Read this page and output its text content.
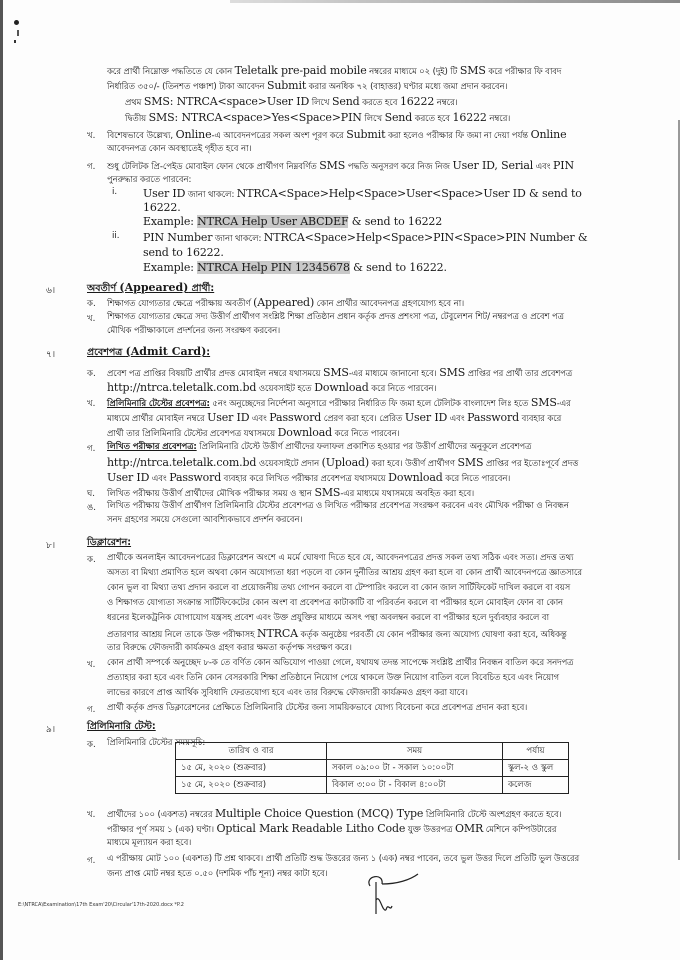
করে প্রার্থী নিম্নোক্ত পদ্ধতিতে যে কোন Teletalk pre-paid mobile নম্বরের মাধ্যমে ০২ (দুই) টি SMS করে পরীক্ষার ফি বাবদ
নির্ধারিত ৩৫০/- (তিনশত পঞ্চাশ) টাকা আবেদন Submit করার অনধিক ৭২ (বাহাত্তর) ঘণ্টার মধ্যে জমা প্রদান করবেন।
প্রথম SMS: NTRCA<space>User ID লিখে Send করতে হবে 16222 নম্বরে।
দ্বিতীয় SMS: NTRCA<space>Yes<Space>PIN লিখে Send করতে হবে 16222 নম্বরে।
খ. বিশেষভাবে উল্লেখ্য, Online-এ আবেদনপত্রের সকল অংশ পূরণ করে Submit করা হলেও পরীক্ষার ফি জমা না দেয়া পর্যন্ত Online
আবেদনপত্র কোন অবস্থাতেই গৃহীত হবে না।
গ. শুধু টেলিটক প্রি-পেইড মোবাইল ফোন থেকে প্রার্থীগণ নিম্নবর্ণিত SMS পদ্ধতি অনুসরণ করে নিজ নিজ User ID, Serial এবং PIN
পুনরুদ্ধার করতে পারবেন:
i. User ID জানা থাকলে: NTRCA<Space>Help<Space>User<Space>User ID & send to
16222.
Example: NTRCA Help User ABCDEF & send to 16222
ii. PIN Number জানা থাকলে: NTRCA<Space>Help<Space>PIN<Space>PIN Number &
send to 16222.
Example: NTRCA Help PIN 12345678 & send to 16222.
৬।	অবতীর্ণ (Appeared) প্রার্থী:
ক. শিক্ষাগত যোগ্যতার ক্ষেত্রে পরীক্ষায় অবতীর্ণ (Appeared) কোন প্রার্থীর আবেদনপত্র গ্রহণযোগ্য হবে না।
খ. শিক্ষাগত যোগ্যতার ক্ষেত্রে সদ্য উত্তীর্ণ প্রার্থীগণ সংশ্লিষ্ট শিক্ষা প্রতিষ্ঠান প্রধান কর্তৃক প্রদত্ত প্রশংসা পত্র, টেবুলেশন শিট/ নম্বরপত্র ও প্রবেশ পত্র
মৌখিক পরীক্ষাকালে প্রদর্শনের জন্য সংরক্ষণ করবেন।
৭।	প্রবেশপত্র (Admit Card):
ক. প্রবেশ পত্র প্রাপ্তির বিষয়টি প্রার্থীর প্রদত্ত মোবাইল নম্বরে যথাসময়ে SMS-এর মাধ্যমে জানানো হবে। SMS প্রাপ্তির পর প্রার্থী তার প্রবেশপত্র
http://ntrca.teletalk.com.bd ওয়েবসাইট হতে Download করে নিতে পারবেন।
খ. প্রিলিমিনারি টেস্টের প্রবেশপত্র: ৫নং অনুচ্ছেদের নির্দেশনা অনুসারে পরীক্ষার নির্ধারিত ফি জমা হলে টেলিটক বাংলাদেশ লিঃ হতে SMS-এর
মাধ্যমে প্রার্থীর মোবাইল নম্বরে User ID এবং Password প্রেরণ করা হবে। প্রেরিত User ID এবং Password ব্যবহার করে
প্রার্থী তার প্রিলিমিনারি টেস্টের প্রবেশপত্র যথাসময়ে Download করে নিতে পারবেন।
গ. লিখিত পরীক্ষার প্রবেশপত্র: প্রিলিমিনারি টেস্টে উত্তীর্ণ প্রার্থীদের ফলাফল প্রকাশিত হওয়ার পর উত্তীর্ণ প্রার্থীদের অনুকূলে প্রবেশপত্র
http://ntrca.teletalk.com.bd ওয়েবসাইটে প্রদান (Upload) করা হবে। উত্তীর্ণ প্রার্থীগণ SMS প্রাপ্তির পর ইতোঃপূর্বে প্রদত্ত
User ID এবং Password ব্যবহার করে লিখিত পরীক্ষার প্রবেশপত্র যথাসময়ে Download করে নিতে পারবেন।
ঘ. লিখিত পরীক্ষায় উত্তীর্ণ প্রার্থীদের মৌখিক পরীক্ষার সময় ও স্থান SMS-এর মাধ্যমে যথাসময়ে অবহিত করা হবে।
ঙ. লিখিত পরীক্ষায় উত্তীর্ণ প্রার্থীগণ প্রিলিমিনারি টেস্টের প্রবেশপত্র ও লিখিত পরীক্ষার প্রবেশপত্র সংরক্ষণ করবেন এবং মৌখিক পরীক্ষা ও নিবন্ধন
সনদ গ্রহণের সময়ে সেগুলো আবশ্যিকভাবে প্রদর্শন করবেন।
৮।	ডিক্লারেশন:
ক. প্রার্থীকে অনলাইন আবেদনপত্রের ডিক্লারেশন অংশে এ মর্মে ঘোষণা দিতে হবে যে, আবেদনপত্রের প্রদত্ত সকল তথ্য সঠিক এবং সত্য। প্রদত্ত তথ্য
অসত্য বা মিথ্যা প্রমাণিত হলে অথবা কোন অযোগ্যতা ধরা পড়লে বা কোন দুর্নীতির আশ্রয় গ্রহণ করা হলে বা কোন প্রার্থী আবেদনপত্রে জ্ঞাতসারে
কোন ভুল বা মিথ্যা তথ্য প্রদান করলে বা প্রয়োজনীয় তথ্য গোপন করলে বা টেম্পারিং করলে বা কোন জাল সার্টিফিকেট দাখিল করলে বা বয়স
ও শিক্ষাগত যোগ্যতা সংক্রান্ত সার্টিফিকেটের কোন অংশ বা প্রবেশপত্র কাটাকাটি বা পরিবর্তন করলে বা পরীক্ষার হলে মোবাইল ফোন বা কোন
ধরনের ইলেকট্রনিক যোগাযোগ যন্ত্রসহ প্রবেশ এবং উক্ত প্রযুক্তির মাধ্যমে অসৎ পন্থা অবলম্বন করলে বা পরীক্ষার হলে দুর্ব্যবহার করলে বা
প্রতারণার আশ্রয় নিলে তাকে উক্ত পরীক্ষাসহ NTRCA কর্তৃক অনুষ্ঠেয় পরবর্তী যে কোন পরীক্ষার জন্য অযোগ্য ঘোষণা করা হবে, অধিকন্তু
তার বিরুদ্ধে ফৌজদারী কার্যক্রমও গ্রহণ করার ক্ষমতা কর্তৃপক্ষ সংরক্ষণ করে।
খ. কোন প্রার্থী সম্পর্কে অনুচ্ছেদ ৮-ক তে বর্ণিত কোন অভিযোগ পাওয়া গেলে, যথাযথ তদন্ত সাপেক্ষে সংশ্লিষ্ট প্রার্থীর নিবন্ধন বাতিল করে সনদপত্র
প্রত্যাহার করা হবে এবং তিনি কোন বেসরকারি শিক্ষা প্রতিষ্ঠানে নিয়োগ পেয়ে থাকলে উক্ত নিয়োগ বাতিল বলে বিবেচিত হবে এবং নিয়োগ
লাভের কারণে প্রাপ্ত আর্থিক সুবিধাদি ফেরতযোগ্য হবে এবং তার বিরুদ্ধে ফৌজদারী কার্যক্রমও গ্রহণ করা যাবে।
গ. প্রার্থী কর্তৃক প্রদত্ত ডিক্লারেশনের প্রেক্ষিতে প্রিলিমিনারি টেস্টের জন্য সাময়িকভাবে যোগ্য বিবেচনা করে প্রবেশপত্র প্রদান করা হবে।
৯।	প্রিলিমিনারি টেস্ট:
ক. প্রিলিমিনারি টেস্টের সময়সূচি:
তারিখ ও বার	সময়	পর্যায়
১৫ মে, ২০২০ (শুক্রবার)	সকাল ০৯:০০ টা - সকাল ১০:০০টা	স্কুল-২ ও স্কুল
১৫ মে, ২০২০ (শুক্রবার)	বিকাল ৩:০০ টা - বিকাল ৪:০০টা	কলেজ
খ. প্রার্থীদের ১০০ (একশত) নম্বরের Multiple Choice Question (MCQ) Type প্রিলিমিনারি টেস্টে অংশগ্রহণ করতে হবে।
পরীক্ষার পূর্ণ সময় ১ (এক) ঘণ্টা। Optical Mark Readable Litho Code যুক্ত উত্তরপত্র OMR মেশিনে কম্পিউটারের
মাধ্যমে মূল্যায়ন করা হবে।
গ. এ পরীক্ষায় মোট ১০০ (একশত) টি প্রশ্ন থাকবে। প্রার্থী প্রতিটি শুদ্ধ উত্তরের জন্য ১ (এক) নম্বর পাবেন, তবে ভুল উত্তর দিলে প্রতিটি ভুল উত্তরের
জন্য প্রাপ্ত মোট নম্বর হতে ০.৫০ (দশমিক পাঁচ শূন্য) নম্বর কাটা হবে।
E:\NTRCA\Examination\17th Exam'20\Circular'17th-2020.docx *P.2
